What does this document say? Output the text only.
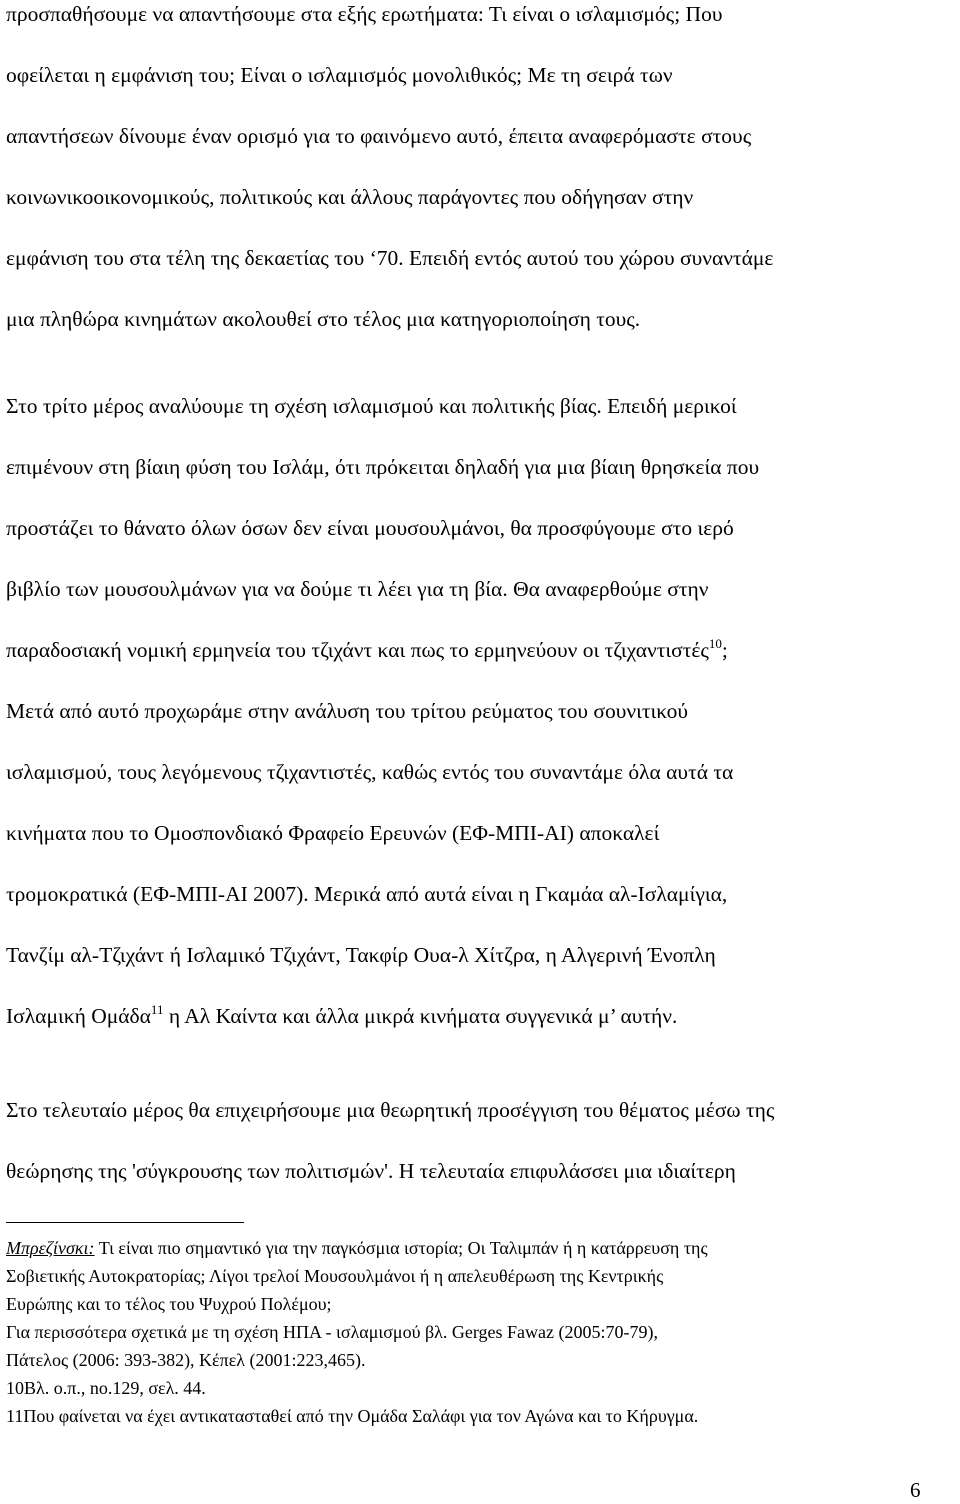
προσπαθήσουμε να απαντήσουμε στα εξής ερωτήματα: Τι είναι ο ισλαμισμός; Που
οφείλεται η εμφάνιση του; Είναι ο ισλαμισμός μονολιθικός; Με τη σειρά των
απαντήσεων δίνουμε έναν ορισμό για το φαινόμενο αυτό, έπειτα αναφερόμαστε στους
κοινωνικοοικονομικούς, πολιτικούς και άλλους παράγοντες που οδήγησαν στην
εμφάνιση του στα τέλη της δεκαετίας του ‘70. Επειδή εντός αυτού του χώρου συναντάμε
μια πληθώρα κινημάτων ακολουθεί στο τέλος μια κατηγοριοποίηση τους.
Στο τρίτο μέρος αναλύουμε τη σχέση ισλαμισμού και πολιτικής βίας. Επειδή μερικοί
επιμένουν στη βίαιη φύση του Ισλάμ, ότι πρόκειται δηλαδή για μια βίαιη θρησκεία που
προστάζει το θάνατο όλων όσων δεν είναι μουσουλμάνοι, θα προσφύγουμε στο ιερό
βιβλίο των μουσουλμάνων για να δούμε τι λέει για τη βία. Θα αναφερθούμε στην
παραδοσιακή νομική ερμηνεία του τζιχάντ και πως το ερμηνεύουν οι τζιχαντιστές$^{10}$;
Μετά από αυτό προχωράμε στην ανάλυση του τρίτου ρεύματος του σουνιτικού
ισλαμισμού, τους λεγόμενους τζιχαντιστές, καθώς εντός του συναντάμε όλα αυτά τα
κινήματα που το Ομοσπονδιακό Φραφείο Ερευνών (ΕΦ-ΜΠΙ-ΑΙ) αποκαλεί
τρομοκρατικά (ΕΦ-ΜΠΙ-ΑΙ 2007). Μερικά από αυτά είναι η Γκαμάα αλ-Ισλαμίγια,
Τανζίμ αλ-Τζιχάντ ή Ισλαμικό Τζιχάντ, Τακφίρ Ουα-λ Χίτζρα, η Αλγερινή Ένοπλη
Ισλαμική Ομάδα$^{11}$ η Αλ Καίντα και άλλα μικρά κινήματα συγγενικά μ’ αυτήν.
Στο τελευταίο μέρος θα επιχειρήσουμε μια θεωρητική προσέγγιση του θέματος μέσω της
θεώρησης της 'σύγκρουσης των πολιτισμών'. Η τελευταία επιφυλάσσει μια ιδιαίτερη
Μπρεζίνσκι: Τι είναι πιο σημαντικό για την παγκόσμια ιστορία; Οι Ταλιμπάν ή η κατάρρευση της
Σοβιετικής Αυτοκρατορίας; Λίγοι τρελοί Μουσουλμάνοι ή η απελευθέρωση της Κεντρικής
Ευρώπης και το τέλος του Ψυχρού Πολέμου;
Για περισσότερα σχετικά με τη σχέση ΗΠΑ - ισλαμισμού βλ. Gerges Fawaz (2005:70-79),
Πάτελος (2006: 393-382), Κέπελ (2001:223,465).
10Βλ. ο.π., no.129, σελ. 44.
11Που φαίνεται να έχει αντικατασταθεί από την Ομάδα Σαλάφι για τον Αγώνα και το Κήρυγμα.
6
